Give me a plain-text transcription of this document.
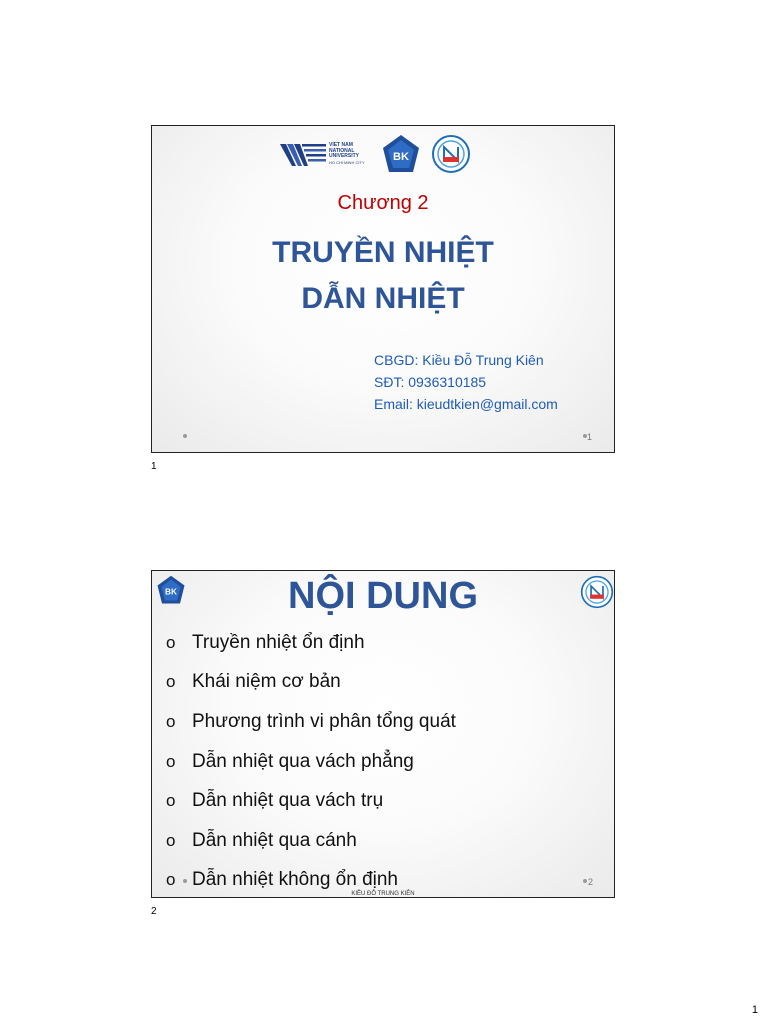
VIET NAM
NATIONAL
UNIVERSITY
HO CHI MINH CITY	BK
Chương 2
TRUYỀN NHIỆT
DẪN NHIỆT
CBGD: Kiều Đỗ Trung Kiên
SĐT: 0936310185
Email: kieudtkien@gmail.com
1
1
BK	NỘI DUNG
o Truyền nhiệt ổn định
o Khái niệm cơ bản
o Phương trình vi phân tổng quát
o Dẫn nhiệt qua vách phẳng
o Dẫn nhiệt qua vách trụ
o Dẫn nhiệt qua cánh
o Dẫn nhiệt không ổn định	2
KIỀU ĐỖ TRUNG KIÊN
2
1
